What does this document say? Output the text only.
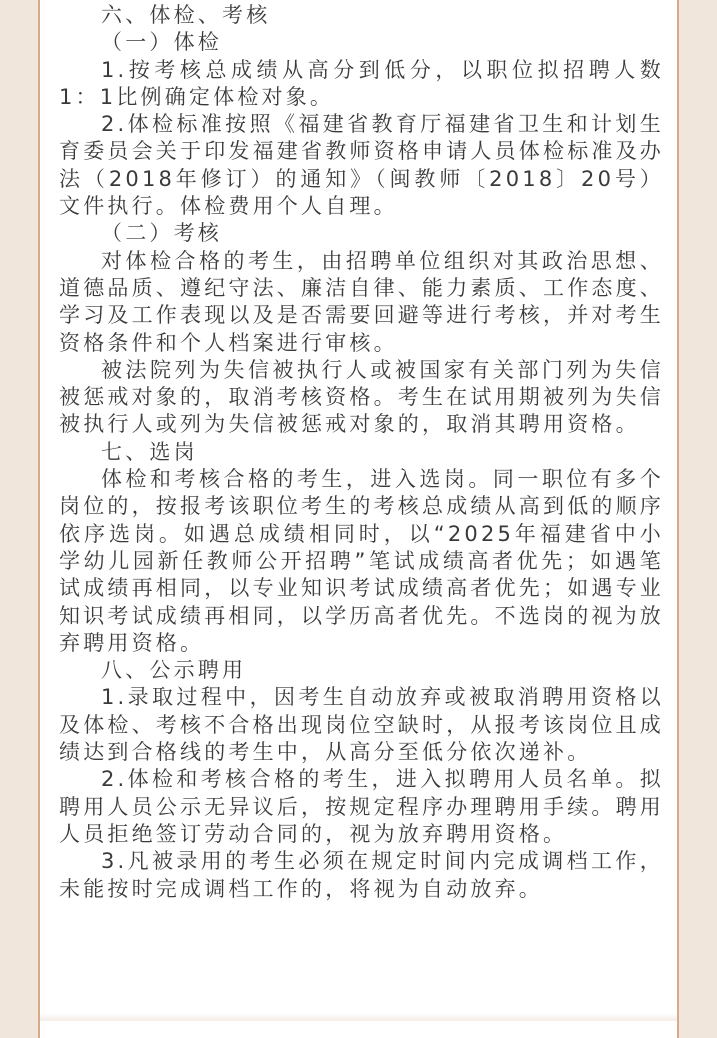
六、体检、考核

（一）体检

1.按考核总成绩从高分到低分，以职位拟招聘人数1：1比例确定体检对象。

2.体检标准按照《福建省教育厅福建省卫生和计划生育委员会关于印发福建省教师资格申请人员体检标准及办法（2018年修订）的通知》（闽教师〔2018〕20号）文件执行。体检费用个人自理。

（二）考核

对体检合格的考生，由招聘单位组织对其政治思想、道德品质、遵纪守法、廉洁自律、能力素质、工作态度、学习及工作表现以及是否需要回避等进行考核，并对考生资格条件和个人档案进行审核。

被法院列为失信被执行人或被国家有关部门列为失信被惩戒对象的，取消考核资格。考生在试用期被列为失信被执行人或列为失信被惩戒对象的，取消其聘用资格。

七、选岗

体检和考核合格的考生，进入选岗。同一职位有多个岗位的，按报考该职位考生的考核总成绩从高到低的顺序依序选岗。如遇总成绩相同时，以“2025年福建省中小学幼儿园新任教师公开招聘”笔试成绩高者优先；如遇笔试成绩再相同，以专业知识考试成绩高者优先；如遇专业知识考试成绩再相同，以学历高者优先。不选岗的视为放弃聘用资格。

八、公示聘用

1.录取过程中，因考生自动放弃或被取消聘用资格以及体检、考核不合格出现岗位空缺时，从报考该岗位且成绩达到合格线的考生中，从高分至低分依次递补。

2.体检和考核合格的考生，进入拟聘用人员名单。拟聘用人员公示无异议后，按规定程序办理聘用手续。聘用人员拒绝签订劳动合同的，视为放弃聘用资格。

3.凡被录用的考生必须在规定时间内完成调档工作，未能按时完成调档工作的，将视为自动放弃。
